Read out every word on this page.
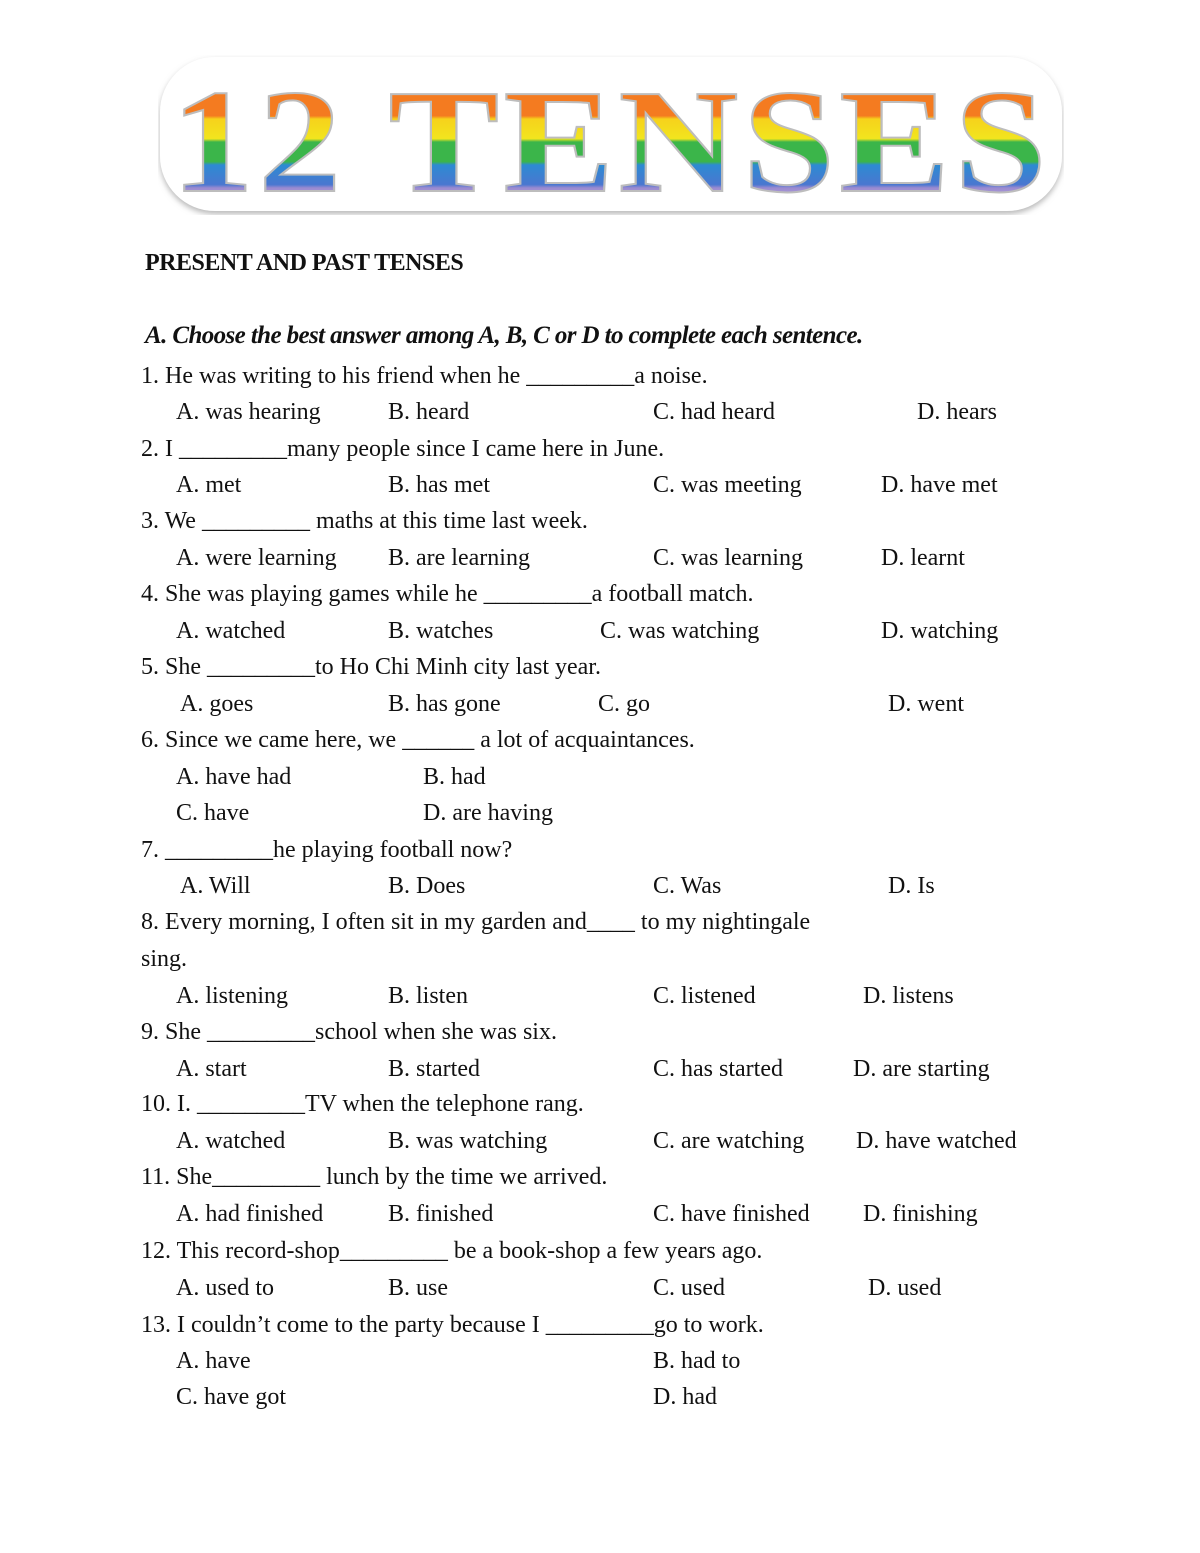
12 TENSES
PRESENT AND PAST TENSES
A. Choose the best answer among A, B, C or D to complete each sentence.
1. He was writing to his friend when he _________a noise.
A. was hearing	B. heard	C. had heard	D. hears
2. I _________many people since I came here in June.
A. met	B. has met	C. was meeting	D. have met
3. We _________ maths at this time last week.
A. were learning B. are learning	C. was learning	D. learnt
4. She was playing games while he _________a football match.
A. watched	B. watches	C. was watching	D. watching
5. She _________to Ho Chi Minh city last year.
A. goes	B. has gone	C. go	D. went
6. Since we came here, we ______ a lot of acquaintances.
A. have had	B. had
C. have	D. are having
7. _________he playing football now?
A. Will	B. Does	C. Was	D. Is
8. Every morning, I often sit in my garden and____ to my nightingale
sing.
A. listening	B. listen	C. listened	D. listens
9. She _________school when she was six.
A. start	B. started	C. has started	D. are starting
10. I. _________TV when the telephone rang.
A. watched	B. was watching	C. are watching D. have watched
11. She_________ lunch by the time we arrived.
A. had finished	B. finished	C. have finished D. finishing
12. This record-shop_________ be a book-shop a few years ago.
A. used to	B. use	C. used	D. used
13. I couldn’t come to the party because I _________go to work.
A. have	B. had to
C. have got	D. had
